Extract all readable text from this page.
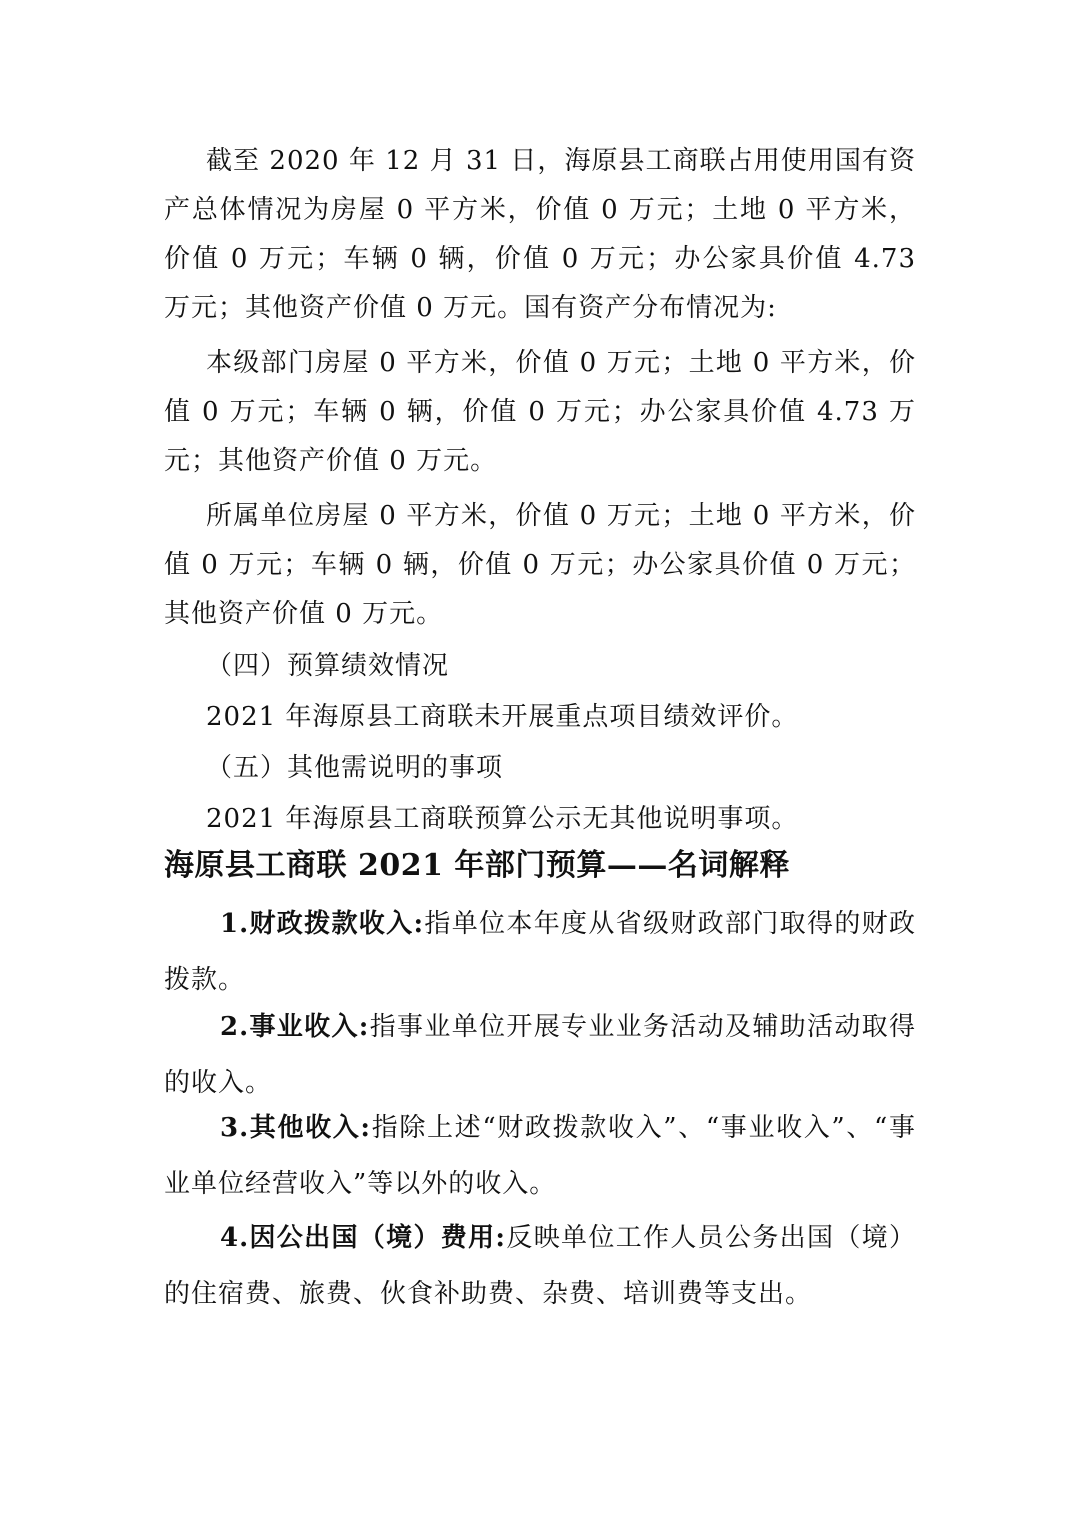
截至 2020 年 12 月 31 日，海原县工商联占用使用国有资产总体情况为房屋 0 平方米，价值 0 万元；土地 0 平方米，价值 0 万元；车辆 0 辆，价值 0 万元；办公家具价值 4.73 万元；其他资产价值 0 万元。国有资产分布情况为:

本级部门房屋 0 平方米，价值 0 万元；土地 0 平方米，价值 0 万元；车辆 0 辆，价值 0 万元；办公家具价值 4.73 万元；其他资产价值 0 万元。

所属单位房屋 0 平方米，价值 0 万元；土地 0 平方米，价值 0 万元；车辆 0 辆，价值 0 万元；办公家具价值 0 万元；其他资产价值 0 万元。

（四）预算绩效情况

2021 年海原县工商联未开展重点项目绩效评价。

（五）其他需说明的事项

2021 年海原县工商联预算公示无其他说明事项。

海原县工商联 2021 年部门预算——名词解释

1.财政拨款收入:指单位本年度从省级财政部门取得的财政拨款。

2.事业收入:指事业单位开展专业业务活动及辅助活动取得的收入。

3.其他收入:指除上述“财政拨款收入”、“事业收入”、“事业单位经营收入”等以外的收入。

4.因公出国（境）费用:反映单位工作人员公务出国（境）的住宿费、旅费、伙食补助费、杂费、培训费等支出。
